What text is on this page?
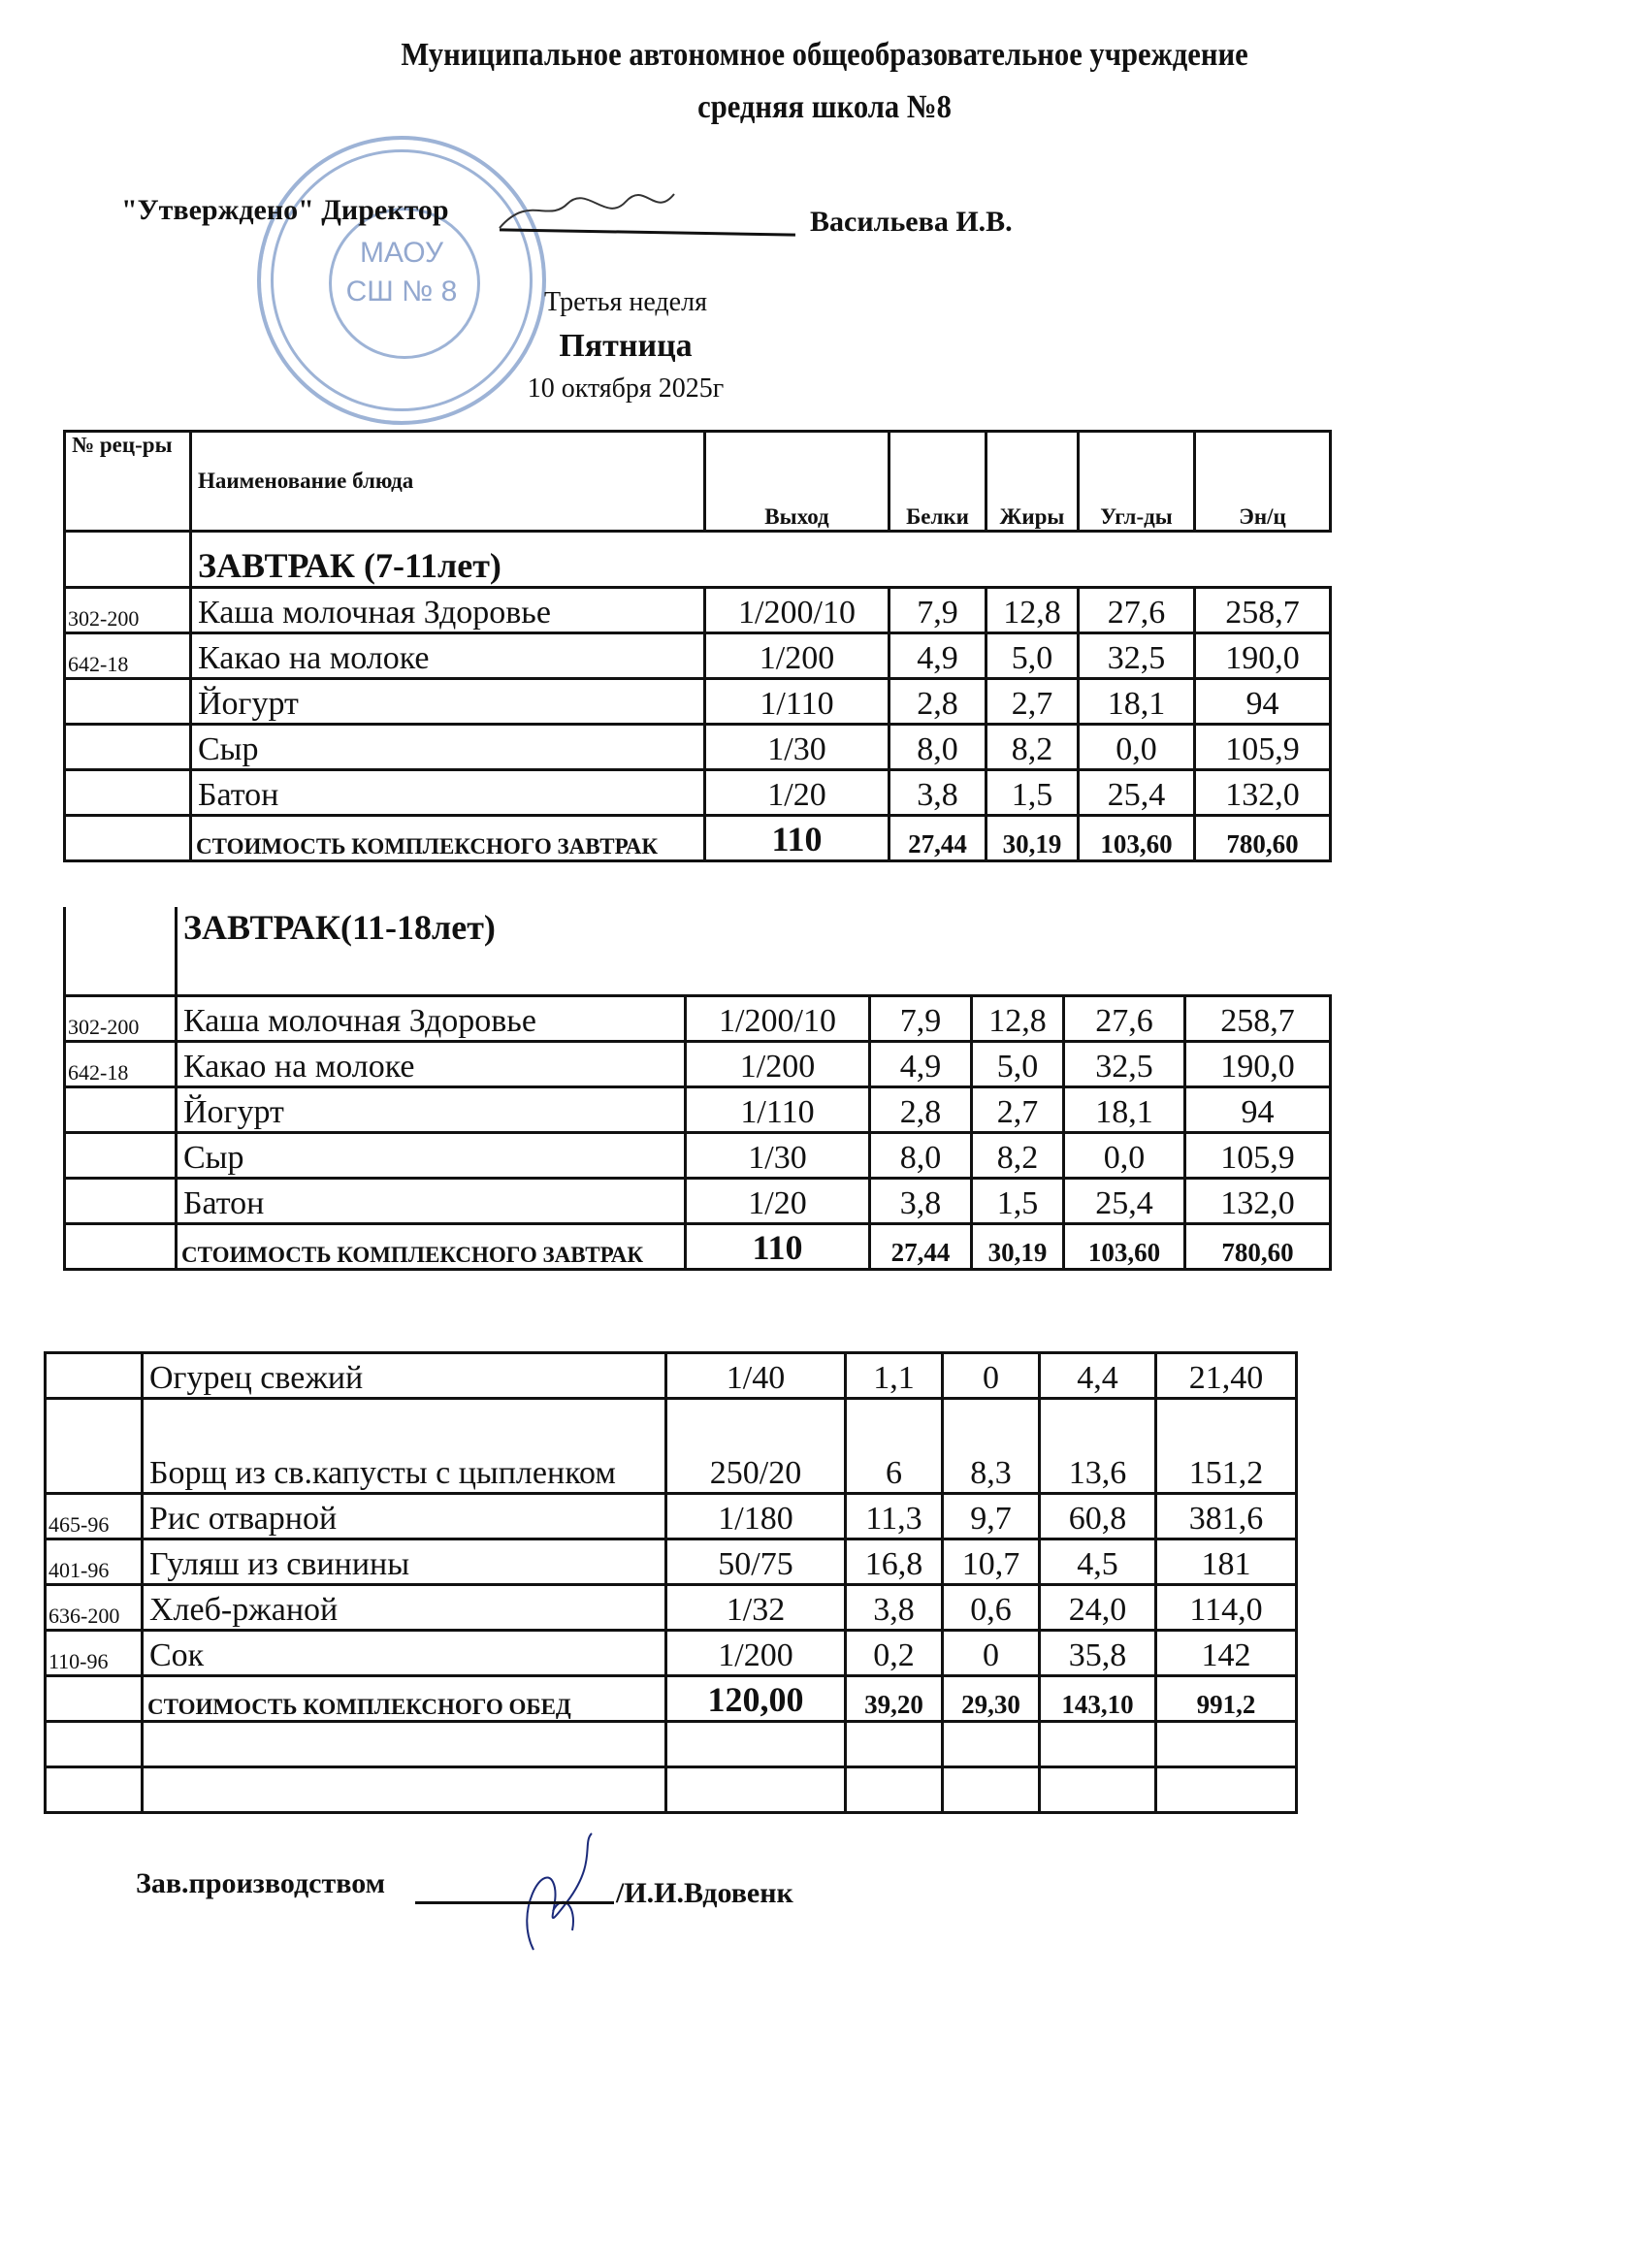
Муниципальное автономное общеобразовательное учреждение
средняя школа №8
МАОУ
СШ № 8
"Утверждено" Директор	Васильева И.В.
Третья неделя
Пятница
10 октября 2025г
№ рец-ры	Наименование блюда	Выход	Белки	Жиры	Угл-ды	Эн/ц
	ЗАВТРАК (7-11лет)					
302-200	Каша молочная Здоровье	1/200/10	7,9	12,8	27,6	258,7
642-18	Какао на молоке	1/200	4,9	5,0	32,5	190,0
	Йогурт	1/110	2,8	2,7	18,1	94
	Сыр	1/30	8,0	8,2	0,0	105,9
	Батон	1/20	3,8	1,5	25,4	132,0
	СТОИМОСТЬ КОМПЛЕКСНОГО ЗАВТРАК	110	27,44	30,19	103,60	780,60
	ЗАВТРАК(11-18лет)					
302-200	Каша молочная Здоровье	1/200/10	7,9	12,8	27,6	258,7
642-18	Какао на молоке	1/200	4,9	5,0	32,5	190,0
	Йогурт	1/110	2,8	2,7	18,1	94
	Сыр	1/30	8,0	8,2	0,0	105,9
	Батон	1/20	3,8	1,5	25,4	132,0
	СТОИМОСТЬ КОМПЛЕКСНОГО ЗАВТРАК	110	27,44	30,19	103,60	780,60
	Огурец свежий	1/40	1,1	0	4,4	21,40
	Борщ из св.капусты с цыпленком	250/20	6	8,3	13,6	151,2
465-96	Рис отварной	1/180	11,3	9,7	60,8	381,6
401-96	Гуляш из свинины	50/75	16,8	10,7	4,5	181
636-200	Хлеб-ржаной	1/32	3,8	0,6	24,0	114,0
110-96	Сок	1/200	0,2	0	35,8	142
	СТОИМОСТЬ КОМПЛЕКСНОГО ОБЕД	120,00	39,20	29,30	143,10	991,2

Зав.производством	/И.И.Вдовенк
